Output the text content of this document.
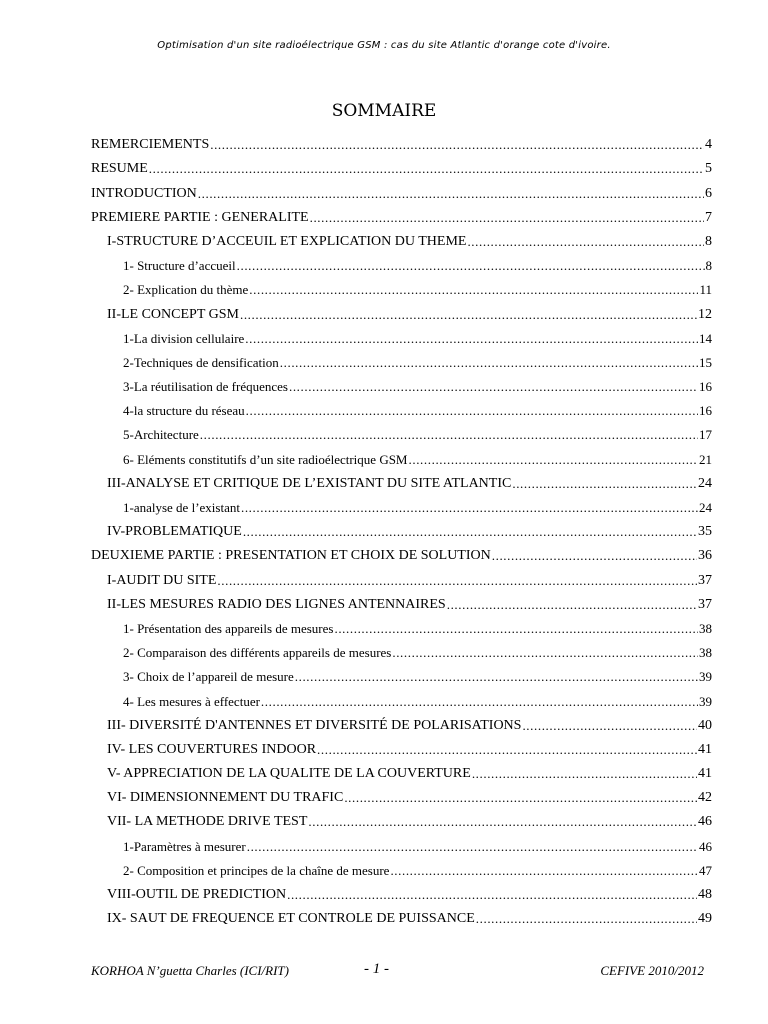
Optimisation d'un site radioélectrique GSM : cas du site Atlantic d'orange cote d'ivoire.
SOMMAIRE
REMERCIEMENTS .....	4
RESUME .....	5
INTRODUCTION .....	6
PREMIERE PARTIE : GENERALITE .....	7
I-STRUCTURE D’ACCEUIL ET EXPLICATION DU THEME .....	8
1- Structure d’accueil .....	8
2- Explication du thème .....	11
II-LE CONCEPT GSM .....	12
1-La division cellulaire .....	14
2-Techniques de densification .....	15
3-La réutilisation de fréquences .....	16
4-la structure du réseau .....	16
5-Architecture .....	17
6- Eléments constitutifs d’un site radioélectrique GSM .....	21
III-ANALYSE ET CRITIQUE DE L’EXISTANT DU SITE ATLANTIC .....	24
1-analyse de l’existant .....	24
IV-PROBLEMATIQUE .....	35
DEUXIEME PARTIE : PRESENTATION ET CHOIX DE SOLUTION .....	36
I-AUDIT DU SITE .....	37
II-LES MESURES RADIO DES LIGNES ANTENNAIRES .....	37
1- Présentation des appareils de mesures .....	38
2- Comparaison des différents appareils de mesures .....	38
3- Choix de l’appareil de mesure .....	39
4- Les mesures à effectuer .....	39
III- DIVERSITÉ D'ANTENNES ET DIVERSITÉ DE POLARISATIONS .....	40
IV- LES COUVERTURES INDOOR .....	41
V- APPRECIATION DE LA QUALITE DE LA COUVERTURE .....	41
VI- DIMENSIONNEMENT DU TRAFIC .....	42
VII- LA METHODE DRIVE TEST .....	46
1-Paramètres à mesurer .....	46
2- Composition et principes de la chaîne de mesure .....	47
VIII-OUTIL DE PREDICTION .....	48
IX- SAUT DE FREQUENCE ET CONTROLE DE PUISSANCE .....	49
KORHOA N’guetta Charles (ICI/RIT)	- 1 -	CEFIVE 2010/2012
